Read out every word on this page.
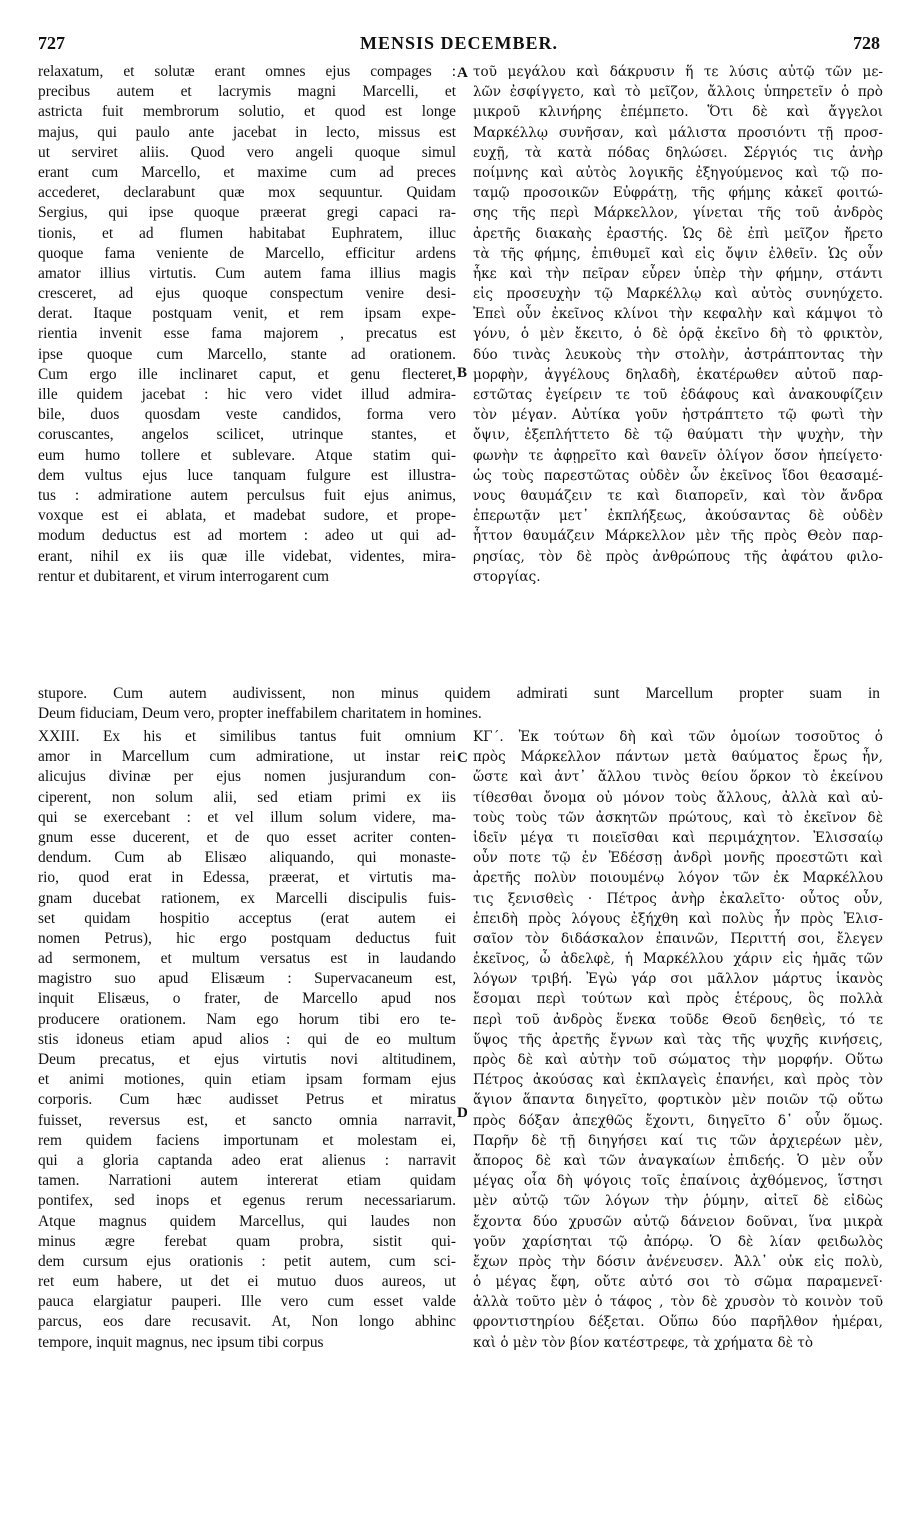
727	MENSIS DECEMBER.	728
relaxatum, et solutæ erant omnes ejus compages :
precibus autem et lacrymis magni Marcelli, et
astricta fuit membrorum solutio, et quod est longe
majus, qui paulo ante jacebat in lecto, missus est
ut serviret aliis. Quod vero angeli quoque simul
erant cum Marcello, et maxime cum ad preces
accederet, declarabunt quæ mox sequuntur. Quidam
Sergius, qui ipse quoque præerat gregi capaci ra-
tionis, et ad flumen habitabat Euphratem, illuc
quoque fama veniente de Marcello, efficitur ardens
amator illius virtutis. Cum autem fama illius magis
cresceret, ad ejus quoque conspectum venire desi-
derat. Itaque postquam venit, et rem ipsam expe-
rientia invenit esse fama majorem , precatus est
ipse quoque cum Marcello, stante ad orationem.
Cum ergo ille inclinaret caput, et genu flecteret,
ille quidem jacebat : hic vero videt illud admira-
bile, duos quosdam veste candidos, forma vero
coruscantes, angelos scilicet, utrinque stantes, et
eum humo tollere et sublevare. Atque statim qui-
dem vultus ejus luce tanquam fulgure est illustra-
tus : admiratione autem perculsus fuit ejus animus,
voxque est ei ablata, et madebat sudore, et prope-
modum deductus est ad mortem : adeo ut qui ad-
erant, nihil ex iis quæ ille videbat, videntes, mira-
rentur et dubitarent, et virum interrogarent cum
τοῦ μεγάλου καὶ δάκρυσιν ἥ τε λύσις αὐτῷ τῶν με-
λῶν ἐσφίγγετο, καὶ τὸ μεῖζον, ἄλλοις ὑπηρετεῖν ὁ πρὸ
μικροῦ κλινήρης ἐπέμπετο. Ὅτι δὲ καὶ ἄγγελοι
Μαρκέλλῳ συνῆσαν, καὶ μάλιστα προσιόντι τῇ προσ-
ευχῇ, τὰ κατὰ πόδας δηλώσει. Σέργιός τις ἀνὴρ
ποίμνης καὶ αὐτὸς λογικῆς ἐξηγούμενος καὶ τῷ πο-
ταμῷ προσοικῶν Εὐφράτῃ, τῆς φήμης κἀκεῖ φοιτώ-
σης τῆς περὶ Μάρκελλον, γίνεται τῆς τοῦ ἀνδρὸς
ἀρετῆς διακαὴς ἐραστής. Ὡς δὲ ἐπὶ μεῖζον ἤρετο
τὰ τῆς φήμης, ἐπιθυμεῖ καὶ εἰς ὄψιν ἐλθεῖν. Ὡς οὖν
ἧκε καὶ τὴν πεῖραν εὗρεν ὑπὲρ τὴν φήμην, στάντι
εἰς προσευχὴν τῷ Μαρκέλλῳ καὶ αὐτὸς συνηύχετο.
Ἐπεὶ οὖν ἐκεῖνος κλίνοι τὴν κεφαλὴν καὶ κάμψοι τὸ
γόνυ, ὁ μὲν ἔκειτο, ὁ δὲ ὁρᾷ ἐκεῖνο δὴ τὸ φρικτὸν,
δύο τινὰς λευκοὺς τὴν στολὴν, ἀστράπτοντας τὴν
μορφὴν, ἀγγέλους δηλαδὴ, ἑκατέρωθεν αὐτοῦ παρ-
εστῶτας ἐγείρειν τε τοῦ ἐδάφους καὶ ἀνακουφίζειν
τὸν μέγαν. Αὐτίκα γοῦν ἠστράπτετο τῷ φωτὶ τὴν
ὄψιν, ἐξεπλήττετο δὲ τῷ θαύματι τὴν ψυχὴν, τὴν
φωνὴν τε ἀφῃρεῖτο καὶ θανεῖν ὀλίγον ὅσον ἠπείγετο·
ὡς τοὺς παρεστῶτας οὐδὲν ὧν ἐκεῖνος ἴδοι θεασαμέ-
νους θαυμάζειν τε καὶ διαπορεῖν, καὶ τὸν ἄνδρα
ἐπερωτᾷν μετ᾽ ἐκπλήξεως, ἀκούσαντας δὲ οὐδὲν
ἧττον θαυμάζειν Μάρκελλον μὲν τῆς πρὸς Θεὸν παρ-
ρησίας, τὸν δὲ πρὸς ἀνθρώπους τῆς ἀφάτου φιλο-
στοργίας.
stupore. Cum autem audivissent, non minus quidem admirati sunt Marcellum propter suam in
Deum fiduciam, Deum vero, propter ineffabilem charitatem in homines.
XXIII. Ex his et similibus tantus fuit omnium
amor in Marcellum cum admiratione, ut instar rei
alicujus divinæ per ejus nomen jusjurandum con-
ciperent, non solum alii, sed etiam primi ex iis
qui se exercebant : et vel illum solum videre, ma-
gnum esse ducerent, et de quo esset acriter conten-
dendum. Cum ab Elisæo aliquando, qui monaste-
rio, quod erat in Edessa, præerat, et virtutis ma-
gnam ducebat rationem, ex Marcelli discipulis fuis-
set quidam hospitio acceptus (erat autem ei
nomen Petrus), hic ergo postquam deductus fuit
ad sermonem, et multum versatus est in laudando
magistro suo apud Elisæum : Supervacaneum est,
inquit Elisæus, o frater, de Marcello apud nos
producere orationem. Nam ego horum tibi ero te-
stis idoneus etiam apud alios : qui de eo multum
Deum precatus, et ejus virtutis novi altitudinem,
et animi motiones, quin etiam ipsam formam ejus
corporis. Cum hæc audisset Petrus et miratus
fuisset, reversus est, et sancto omnia narravit,
rem quidem faciens importunam et molestam ei,
qui a gloria captanda adeo erat alienus : narravit
tamen. Narrationi autem intererat etiam quidam
pontifex, sed inops et egenus rerum necessariarum.
Atque magnus quidem Marcellus, qui laudes non
minus ægre ferebat quam probra, sistit qui-
dem cursum ejus orationis : petit autem, cum sci-
ret eum habere, ut det ei mutuo duos aureos, ut
pauca elargiatur pauperi. Ille vero cum esset valde
parcus, eos dare recusavit. At, Non longo abhinc
tempore, inquit magnus, nec ipsum tibi corpus
ΚΓ΄. Ἐκ τούτων δὴ καὶ τῶν ὁμοίων τοσοῦτος ὁ
πρὸς Μάρκελλον πάντων μετὰ θαύματος ἔρως ἦν,
ὥστε καὶ ἀντ᾽ ἄλλου τινὸς θείου ὅρκον τὸ ἐκείνου
τίθεσθαι ὄνομα οὐ μόνον τοὺς ἄλλους, ἀλλὰ καὶ αὐ-
τοὺς τοὺς τῶν ἀσκητῶν πρώτους, καὶ τὸ ἐκεῖνον δὲ
ἰδεῖν μέγα τι ποιεῖσθαι καὶ περιμάχητον. Ἐλισσαίῳ
οὖν ποτε τῷ ἐν Ἐδέσσῃ ἀνδρὶ μονῆς προεστῶτι καὶ
ἀρετῆς πολὺν ποιουμένῳ λόγον τῶν ἐκ Μαρκέλλου
τις ξενισθεὶς · Πέτρος ἀνὴρ ἐκαλεῖτο· οὗτος οὖν,
ἐπειδὴ πρὸς λόγους ἐξήχθη καὶ πολὺς ἦν πρὸς Ἐλισ-
σαῖον τὸν διδάσκαλον ἐπαινῶν, Περιττή σοι, ἔλεγεν
ἐκεῖνος, ὦ ἀδελφὲ, ἡ Μαρκέλλου χάριν εἰς ἡμᾶς τῶν
λόγων τριβή. Ἐγὼ γάρ σοι μᾶλλον μάρτυς ἱκανὸς
ἔσομαι περὶ τούτων καὶ πρὸς ἑτέρους, ὃς πολλὰ
περὶ τοῦ ἀνδρὸς ἕνεκα τοῦδε Θεοῦ δεηθεὶς, τό τε
ὕψος τῆς ἀρετῆς ἔγνων καὶ τὰς τῆς ψυχῆς κινήσεις,
πρὸς δὲ καὶ αὐτὴν τοῦ σώματος τὴν μορφήν. Οὕτω
Πέτρος ἀκούσας καὶ ἐκπλαγεὶς ἐπανήει, καὶ πρὸς τὸν
ἅγιον ἅπαντα διηγεῖτο, φορτικὸν μὲν ποιῶν τῷ οὕτω
πρὸς δόξαν ἀπεχθῶς ἔχοντι, διηγεῖτο δ᾽ οὖν ὅμως.
Παρῆν δὲ τῇ διηγήσει καί τις τῶν ἀρχιερέων μὲν,
ἄπορος δὲ καὶ τῶν ἀναγκαίων ἐπιδεής. Ὁ μὲν οὖν
μέγας οἷα δὴ ψόγοις τοῖς ἐπαίνοις ἀχθόμενος, ἵστησι
μὲν αὐτῷ τῶν λόγων τὴν ῥύμην, αἰτεῖ δὲ εἰδὼς
ἔχοντα δύο χρυσῶν αὐτῷ δάνειον δοῦναι, ἵνα μικρὰ
γοῦν χαρίσηται τῷ ἀπόρῳ. Ὁ δὲ λίαν φειδωλὸς
ἔχων πρὸς τὴν δόσιν ἀνένευσεν. Ἀλλ᾽ οὐκ εἰς πολὺ,
ὁ μέγας ἔφη, οὔτε αὐτό σοι τὸ σῶμα παραμενεῖ·
ἀλλὰ τοῦτο μὲν ὁ τάφος , τὸν δὲ χρυσὸν τὸ κοινὸν τοῦ
φροντιστηρίου δέξεται. Οὕπω δύο παρῆλθον ἡμέραι,
καὶ ὁ μὲν τὸν βίον κατέστρεφε, τὰ χρήματα δὲ τὸ
A
B
C
D
